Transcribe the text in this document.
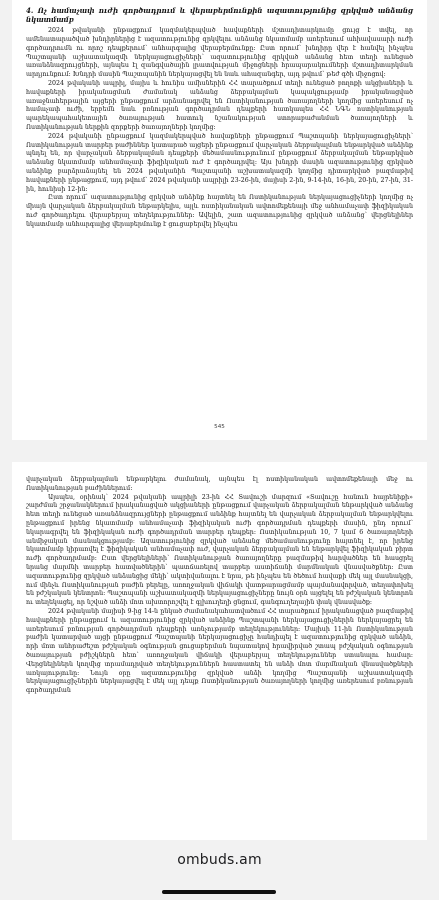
4. Ոչ համաչափ ուժի գործադրում և վերաբերմունքին ազատությունից զրկված անձանց նկատմամբ

2024 թվականի ընթացքում կազմակերպված հավաքների մշտադիտարկումը ցույց է տվել, որ ամենատարածված խնդիրներից է ազատությունից զրկվելու անձանց նկատմամբ առերեսում ահիավասարի ուժի գործադրումն ու որոշ դեպքերում՝ անհարգալից վերաբերմունքը: Ըստ որում՝ խնդիրը վեր է հանվել ինչպես Պաշտպանի աշխատակազմի ներկայացուցիչների՝ ազատությունից զրկված անձանց հետ տեղի ունեցած առանձնազրույցների, այնպես էլ զանգվածային լրատվության միջոցների հրապարակումների մշտադիտարկման արդյունքում: Խնդրի մասին Պաշտպանին ներկայացվել են նաև ահազանգեր, այդ թվում՝ թեժ գծի միջոցով:

2024 թվականի ապրիլ, մայիս և հունիս ամիսներին ՀՀ տարածքում տեղի ունեցած բողոքի ակցիաների և հավաքների իրականացման ժամանակ անձանց ձերբակալման կապակցությամբ իրականացված առաջնահերթային այցերի ընթացքում արձանագրվել են Ոստիկանության ծառայողների կողմից առերեսում ոչ համաչափ ուժի, երբեմն նաև բռնության գործադրման դեպքերի հատկապես ՀՀ ՆԳՆ ոստիկանության պարեկապահակետային ծառայության հատուկ նշանակության ստորաբաժանման ծառայողների և Ոստիկանության ներքին զորքերի ծառայողների կողմից:

2024 թվականի ընթացքում կազմակերպված հավաքների ընթացքում Պաշտպանի ներկայացուցիչների՝ Ոստիկանության տարբեր բաժիններ կատարած այցերի ընթացքում վարչական ձերբակալման ենթարկված անձինք պնդել են, որ վարչական ձերբակալման դեպքերի մեծամասնությունում ընթացքում ձերբակալման ենթարկված անձանց նկատմամբ անհամաչափ ֆիզիկական ուժ է գործադրվել: Այս խնդրի մասին ազատությունից զրկված անձինք բարձրաձայնել են 2024 թվականին Պաշտպանի աշխատակազմի կողմից դիտարկված բազմաթիվ հավաքների ընթացքում, այդ թվում՝ 2024 թվականի ապրիլի 23-26-ին, մայիսի 2-ին, 9-14-ին, 16-ին, 20-ին, 27-ին, 31-ին, հունիսի 12-ին:

Ըստ որում՝ ազատությունից զրկված անձինք հայտնել են Ոստիկանության ներկայացուցիչների կողմից ոչ միայն վարչական ձերբակալման ենթարկելիս, այլև ոստիկանական ավտոմեքենայի մեջ անհամաչափ ֆիզիկական ուժ գործադրելու վերաբերյալ տեղեկություններ: Ավելին, շատ ազատությունից զրկված անձանց՝ վերցնելիներ նկատմամբ անհարգալից վերաբերմունք է ցուցաբերվել ինչպես

545

վարչական ձերբակալման ենթարկելու ժամանակ, այնպես էլ ոստիկանական ավտոմեքենայի մեջ ու Ոստիկանության բաժիններում:

Այսպես, օրինակ՝ 2024 թվականի ապրիլի 23-ին ՀՀ Տավուշի մարզում «Տավուշը հանուն հայրենիքի» շարժման շրջանակներում իրականացված ակցիաների ընթացքում վարչական ձերբակալման ենթարկված անձանց հետ տեղի ունեցած առանձնազրույցների ընթացքում անձինք հայտնել են վարչական ձերբակալման ենթարկվելու ընթացքում իրենց նկատմամբ անհամաչափ ֆիզիկական ուժի գործադրման դեպքերի մասին, ընդ որում՝ նկարագրվել են ֆիզիկական ուժի գործադրման տարբեր դեպքեր: Ոստիկանության 10, 7 կամ 6 ծառայողների անմիջական մասնակցությամբ: Ազատությունից զրկված անձանց մեծամասնությունը հայտնել է, որ իրենց նկատմամբ կիրառվել է ֆիզիկական անհամաչափ ուժ, վարչական ձերբակալման են ենթարկվել ֆիզիկական բիրտ ուժի գործադրմամբ: Ըստ վերցնելիների՝ Ոստիկանության ծառայողները բազմաթիվ հարվածներ են հասցրել նրանց մարմնի տարբեր հատվածներին՝ պատճառելով տարբեր աստիճանի մարմնական վնասվածքներ: Ըստ ազատությունից զրկված անձանցից մեկի՝ ակտիվանալու է նրա, թե ինչպես են ծեծում հավաքի մեկ այլ մասնակցի, ում մինչև Ոստիկանության բաժին բերելը, առողջական վիճակի վատթարացմամբ պայմանավորված, տեղափոխել են բժշկական կենտրոն: Պաշտպանի աշխատակազմի ներկայացուցիչները նույն օրն այցելել են բժշկական կենտրոն ու տեղեկացել, որ նշված անձի մոտ ախտորոշվել է գլխուղեղի ցնցում, գանգուղեղային փակ վնասվածք:

2024 թվականի մայիսի 9-ից 14-ն ընկած ժամանակահատվածում ՀՀ տարածքում իրականացված բազմաթիվ հավաքների ընթացքում և ազատությունից զրկված անձինք Պաշտպանի ներկայացուցիչներին ներկայացրել են առերեսում բռնության գործադրման դեպքերի առնչությամբ տեղեկություններ: Մայիսի 11-ին Ոստիկանության բաժին կատարված այցի ընթացքում Պաշտպանի ներկայացուցիչը հանդիպել է ազատությունից զրկված անձին, որի մոտ անհրաժեշտ բժշկական օգնության ցուցաբերման նպատակով հրավիրված շտապ բժշկական օգնության ծառայության բժիշկներն հետ՝ առողջական վիճակի վերաբերյալ տեղեկություններ ստանալու համար: Վերցնելիներն կողմից տրամադրված տեղեկություններն հաստատել են անձի մոտ մարմնական վնասվածքների առկայությունը: Նույն օրը ազատությունից զրկված անձի կողմից Պաշտպանի աշխատակազմի ներկայացուցիչներին ներկայացվել է մեկ այլ դեպք Ոստիկանության ծառայողների կողմից առերեսում բռնության գործադրման

ombuds.am
